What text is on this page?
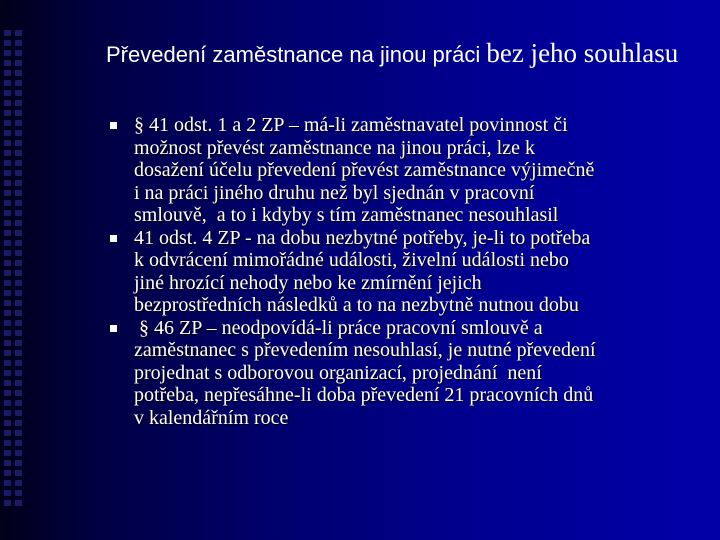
Převedení zaměstnance na jinou práci bez jeho souhlasu
§ 41 odst. 1 a 2 ZP – má-li zaměstnavatel povinnost či
možnost převést zaměstnance na jinou práci, lze k
dosažení účelu převedení převést zaměstnance výjimečně
i na práci jiného druhu než byl sjednán v pracovní
smlouvě,  a to i kdyby s tím zaměstnanec nesouhlasil
41 odst. 4 ZP - na dobu nezbytné potřeby, je-li to potřeba
k odvrácení mimořádné události, živelní události nebo
jiné hrozící nehody nebo ke zmírnění jejich
bezprostředních následků a to na nezbytně nutnou dobu
§ 46 ZP – neodpovídá-li práce pracovní smlouvě a
zaměstnanec s převedením nesouhlasí, je nutné převedení
projednat s odborovou organizací, projednání  není
potřeba, nepřesáhne-li doba převedení 21 pracovních dnů
v kalendářním roce
